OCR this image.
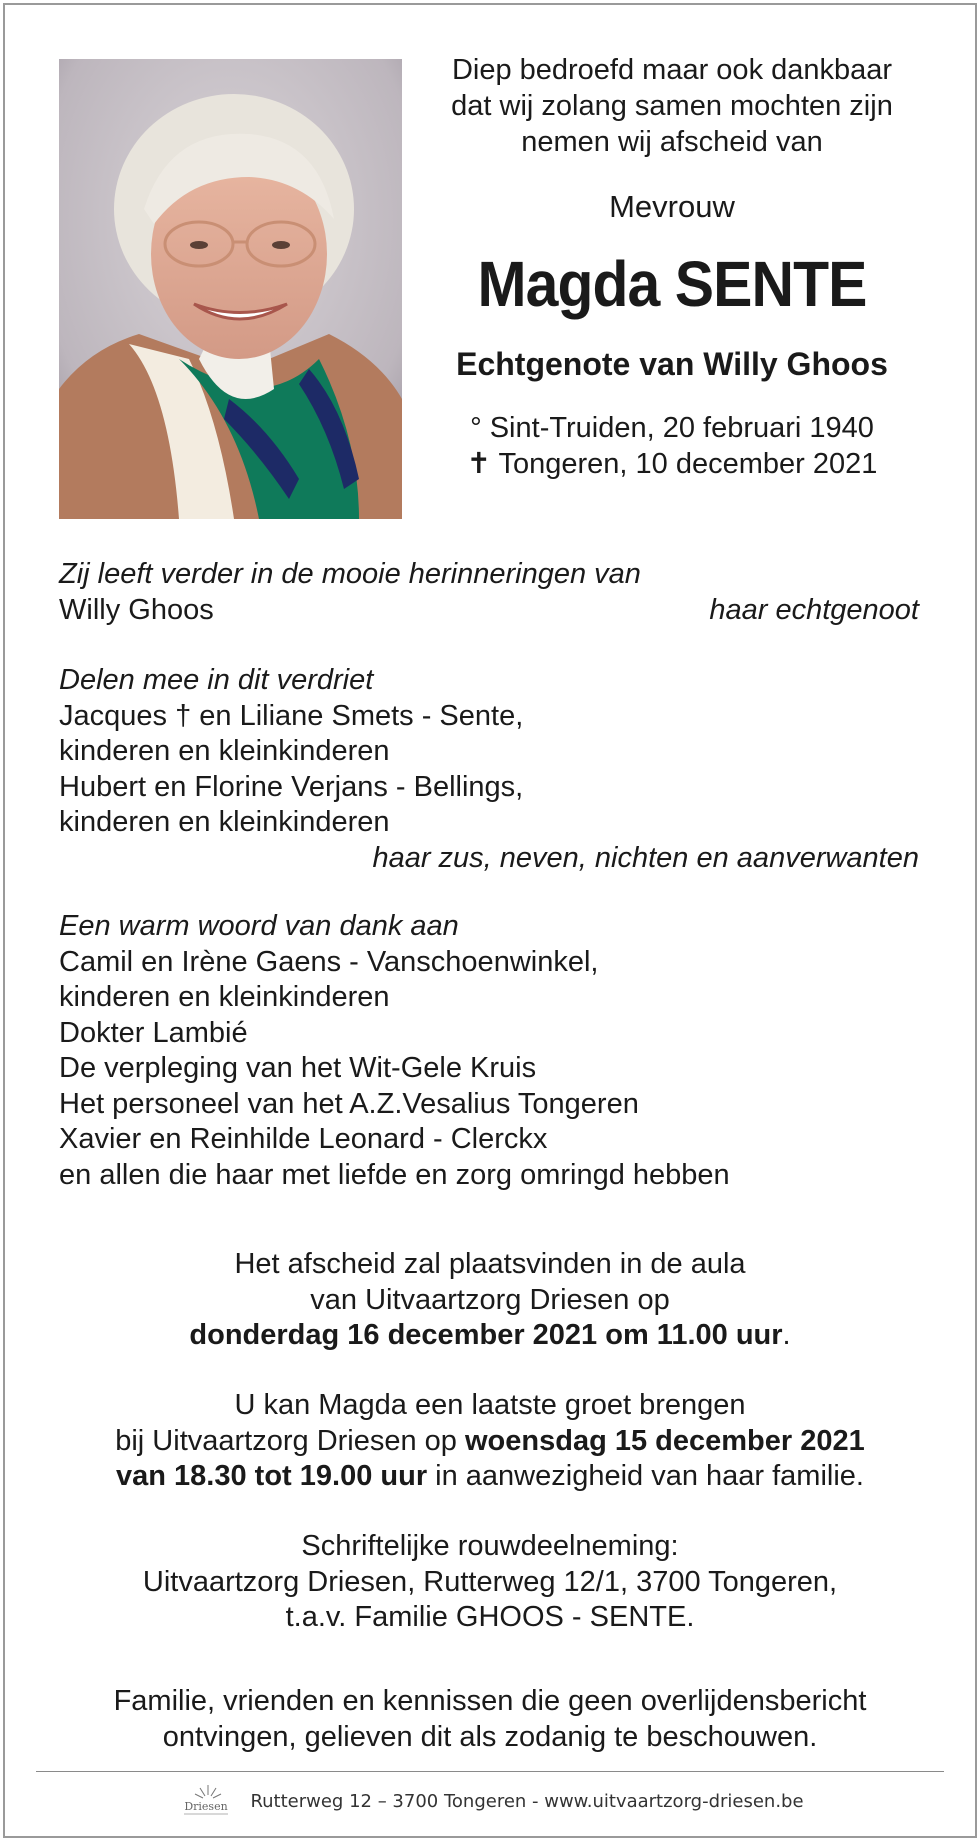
Diep bedroefd maar ook dankbaar

dat wij zolang samen mochten zijn

nemen wij afscheid van

Mevrouw
Magda SENTE
Echtgenote van Willy Ghoos

° Sint-Truiden, 20 februari 1940

✝ Tongeren, 10 december 2021

Zij leeft verder in de mooie herinneringen van

Willy Ghoos	haar echtgenoot

Delen mee in dit verdriet

Jacques † en Liliane Smets - Sente,

kinderen en kleinkinderen

Hubert en Florine Verjans - Bellings,

kinderen en kleinkinderen

haar zus, neven, nichten en aanverwanten

Een warm woord van dank aan

Camil en Irène Gaens - Vanschoenwinkel,

kinderen en kleinkinderen

Dokter Lambié

De verpleging van het Wit-Gele Kruis

Het personeel van het A.Z.Vesalius Tongeren

Xavier en Reinhilde Leonard - Clerckx

en allen die haar met liefde en zorg omringd hebben

Het afscheid zal plaatsvinden in de aula

van Uitvaartzorg Driesen op

donderdag 16 december 2021 om 11.00 uur.

U kan Magda een laatste groet brengen

bij Uitvaartzorg Driesen op woensdag 15 december 2021

van 18.30 tot 19.00 uur in aanwezigheid van haar familie.

Schriftelijke rouwdeelneming:

Uitvaartzorg Driesen, Rutterweg 12/1, 3700 Tongeren,

t.a.v. Familie GHOOS - SENTE.

Familie, vrienden en kennissen die geen overlijdensbericht

ontvingen, gelieven dit als zodanig te beschouwen.

Driesen Rutterweg 12 – 3700 Tongeren - www.uitvaartzorg-driesen.be
